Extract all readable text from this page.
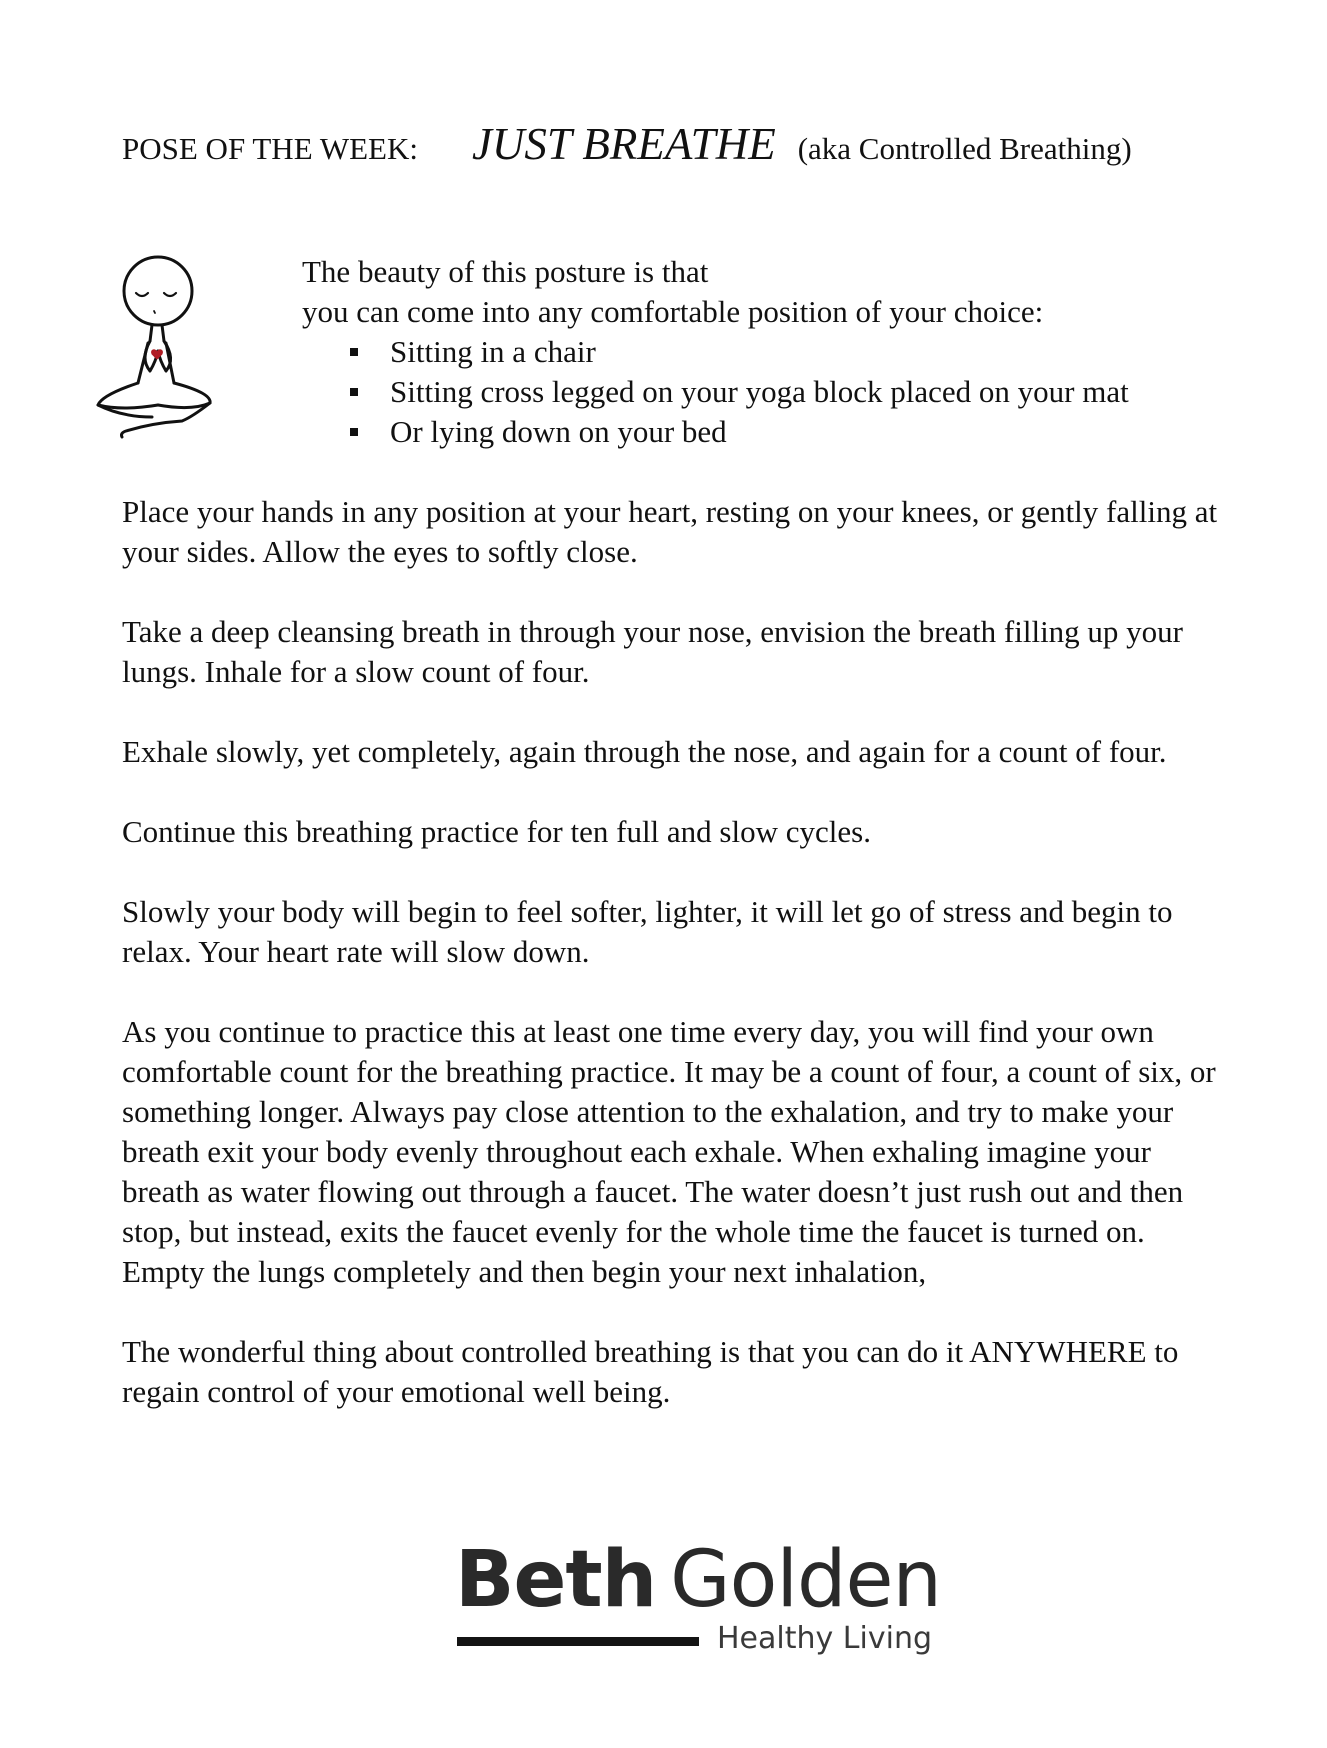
POSE OF THE WEEK: JUST BREATHE (aka Controlled Breathing)

The beauty of this posture is that

you can come into any comfortable position of your choice:

Sitting in a chair
Sitting cross legged on your yoga block placed on your mat
Or lying down on your bed

Place your hands in any position at your heart, resting on your knees, or gently falling at your sides. Allow the eyes to softly close.

Take a deep cleansing breath in through your nose, envision the breath filling up your lungs. Inhale for a slow count of four.

Exhale slowly, yet completely, again through the nose, and again for a count of four.

Continue this breathing practice for ten full and slow cycles.

Slowly your body will begin to feel softer, lighter, it will let go of stress and begin to relax. Your heart rate will slow down.

As you continue to practice this at least one time every day, you will find your own comfortable count for the breathing practice. It may be a count of four, a count of six, or something longer. Always pay close attention to the exhalation, and try to make your breath exit your body evenly throughout each exhale. When exhaling imagine your breath as water flowing out through a faucet. The water doesn’t just rush out and then stop, but instead, exits the faucet evenly for the whole time the faucet is turned on. Empty the lungs completely and then begin your next inhalation,

The wonderful thing about controlled breathing is that you can do it ANYWHERE to regain control of your emotional well being.

Beth Golden
Healthy Living
